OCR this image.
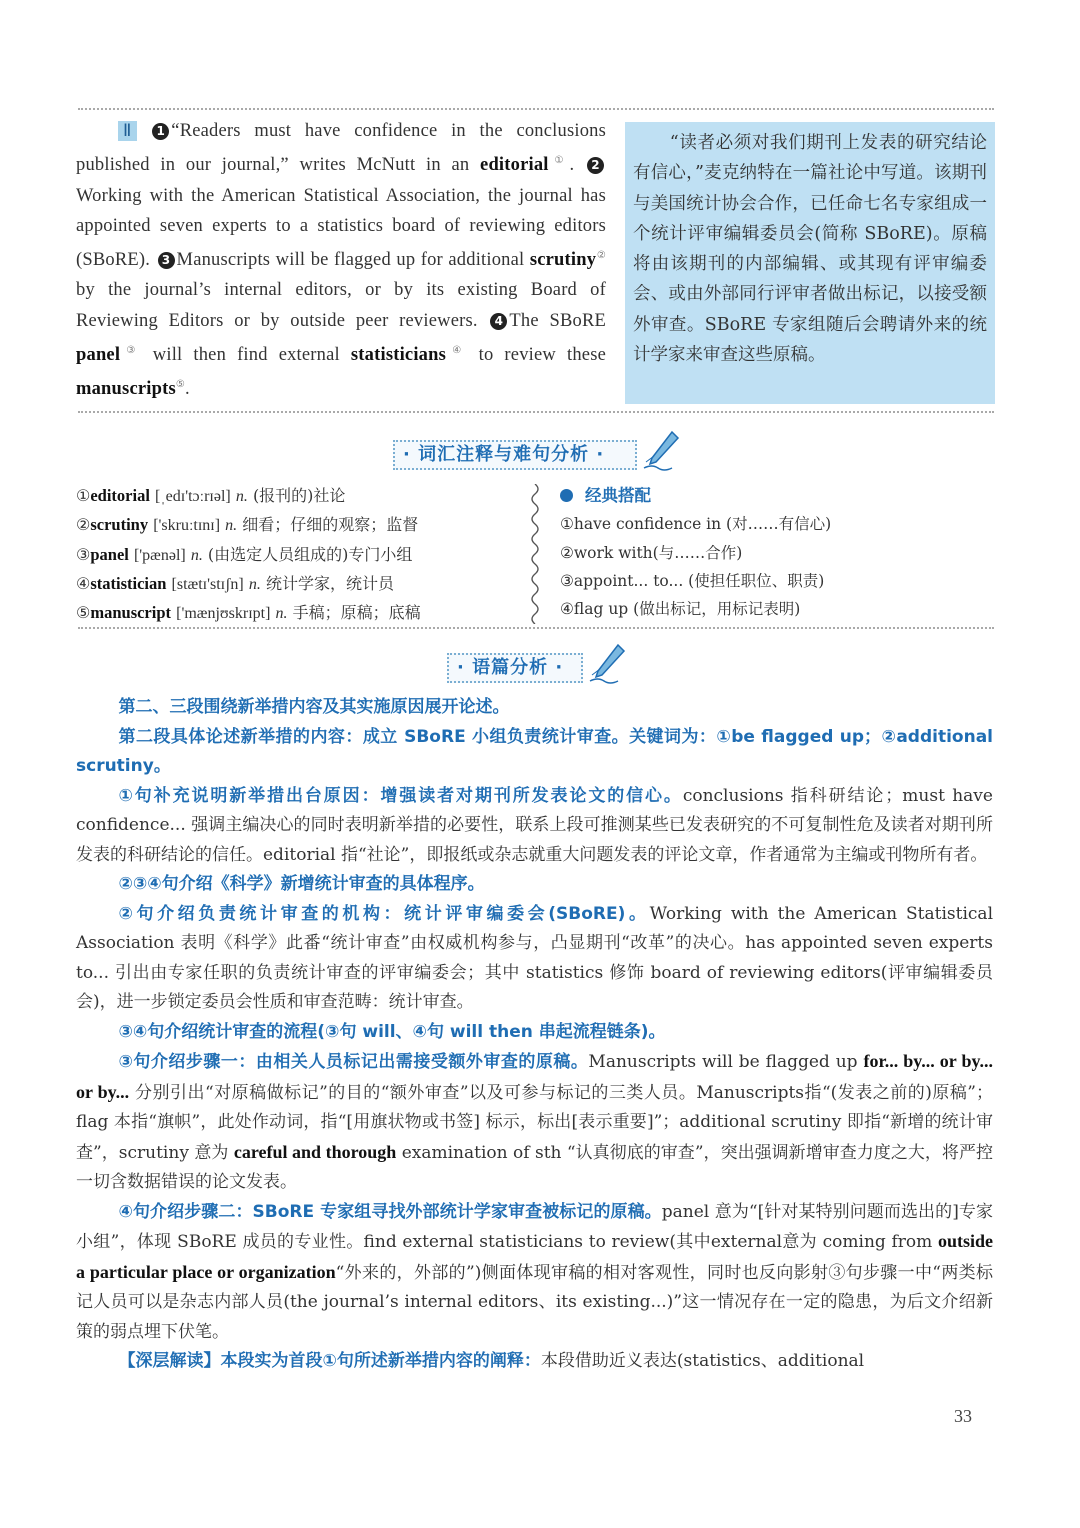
Ⅱ 1 “Readers must have confidence in the conclusions published in our journal,” writes McNutt in an editorial①. 2 Working with the American Statistical Association, the journal has appointed seven experts to a statistics board of reviewing editors (SBoRE). 3 Manuscripts will be flagged up for additional scrutiny② by the journal’s internal editors, or by its existing Board of Reviewing Editors or by outside peer reviewers. 4 The SBoRE panel③ will then find external statisticians④ to review these manuscripts⑤.

“读者必须对我们期刊上发表的研究结论有信心，”麦克纳特在一篇社论中写道。该期刊与美国统计协会合作，已任命七名专家组成一个统计评审编辑委员会(简称 SBoRE)。原稿将由该期刊的内部编辑、或其现有评审编委会、或由外部同行评审者做出标记，以接受额外审查。SBoRE 专家组随后会聘请外来的统计学家来审查这些原稿。

· 词汇注释与难句分析 ·
①editorial [ˌedɪ'tɔːrɪəl] n. (报刊的)社论
②scrutiny ['skruːtɪnɪ] n. 细看；仔细的观察；监督
③panel ['pænəl] n. (由选定人员组成的)专门小组
④statistician [stætɪ'stɪʃn] n. 统计学家，统计员
⑤manuscript ['mænjʊskrɪpt] n. 手稿；原稿；底稿
经典搭配
①have confidence in (对……有信心)
②work with(与……合作)
③appoint... to... (使担任职位、职责)
④flag up (做出标记，用标记表明)
· 语篇分析 ·

第二、三段围绕新举措内容及其实施原因展开论述。

第二段具体论述新举措的内容：成立 SBoRE 小组负责统计审查。关键词为：①be flagged up；②additional scrutiny。

①句补充说明新举措出台原因：增强读者对期刊所发表论文的信心。conclusions 指科研结论；must have confidence... 强调主编决心的同时表明新举措的必要性，联系上段可推测某些已发表研究的不可复制性危及读者对期刊所发表的科研结论的信任。editorial 指“社论”，即报纸或杂志就重大问题发表的评论文章，作者通常为主编或刊物所有者。

②③④句介绍《科学》新增统计审查的具体程序。

②句介绍负责统计审查的机构：统计评审编委会(SBoRE)。Working with the American Statistical Association 表明《科学》此番“统计审查”由权威机构参与，凸显期刊“改革”的决心。has appointed seven experts to... 引出由专家任职的负责统计审查的评审编委会；其中 statistics 修饰 board of reviewing editors(评审编辑委员会)，进一步锁定委员会性质和审查范畴：统计审查。

③④句介绍统计审查的流程(③句 will、④句 will then 串起流程链条)。

③句介绍步骤一：由相关人员标记出需接受额外审查的原稿。Manuscripts will be flagged up for... by... or by... or by... 分别引出“对原稿做标记”的目的“额外审查”以及可参与标记的三类人员。Manuscripts指“(发表之前的)原稿”；flag 本指“旗帜”，此处作动词，指“[用旗状物或书签] 标示，标出[表示重要]”；additional scrutiny 即指“新增的统计审查”，scrutiny 意为 careful and thorough examination of sth “认真彻底的审查”，突出强调新增审查力度之大，将严控一切含数据错误的论文发表。

④句介绍步骤二：SBoRE 专家组寻找外部统计学家审查被标记的原稿。panel 意为“[针对某特别问题而选出的]专家小组”，体现 SBoRE 成员的专业性。find external statisticians to review(其中external意为 coming from outside a particular place or organization“外来的，外部的”)侧面体现审稿的相对客观性，同时也反向影射③句步骤一中“两类标记人员可以是杂志内部人员(the journal’s internal editors、its existing...)”这一情况存在一定的隐患，为后文介绍新策的弱点埋下伏笔。

【深层解读】本段实为首段①句所述新举措内容的阐释：本段借助近义表达(statistics、additional

33
